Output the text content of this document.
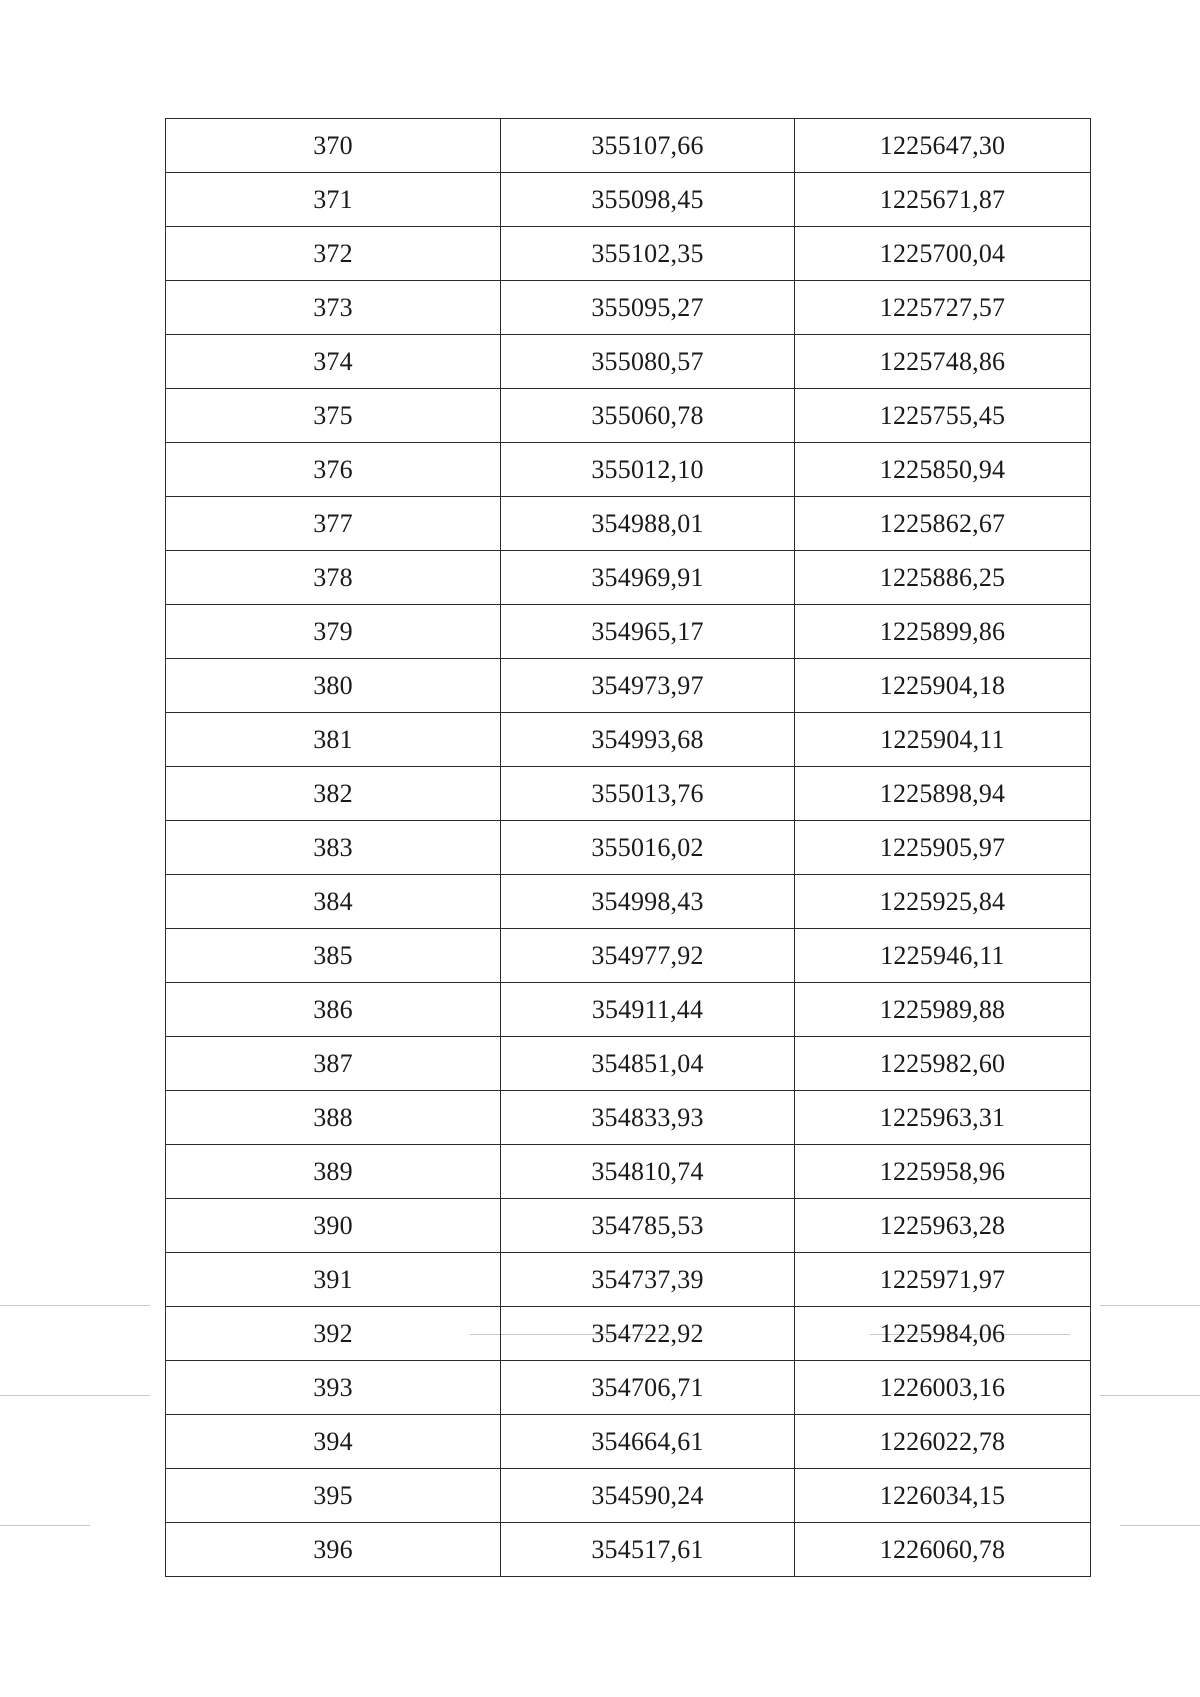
370	355107,66	1225647,30
371	355098,45	1225671,87
372	355102,35	1225700,04
373	355095,27	1225727,57
374	355080,57	1225748,86
375	355060,78	1225755,45
376	355012,10	1225850,94
377	354988,01	1225862,67
378	354969,91	1225886,25
379	354965,17	1225899,86
380	354973,97	1225904,18
381	354993,68	1225904,11
382	355013,76	1225898,94
383	355016,02	1225905,97
384	354998,43	1225925,84
385	354977,92	1225946,11
386	354911,44	1225989,88
387	354851,04	1225982,60
388	354833,93	1225963,31
389	354810,74	1225958,96
390	354785,53	1225963,28
391	354737,39	1225971,97
392	354722,92	1225984,06
393	354706,71	1226003,16
394	354664,61	1226022,78
395	354590,24	1226034,15
396	354517,61	1226060,78
